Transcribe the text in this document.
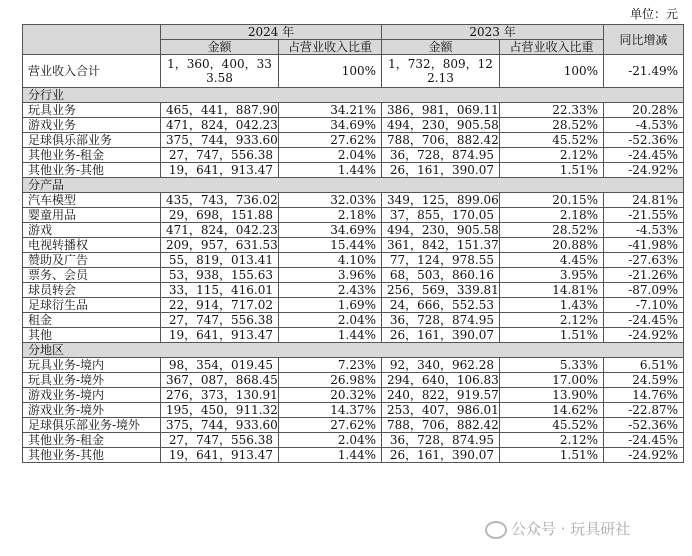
单位：元
	2024 年		2023 年		同比增减
	金额	占营业收入比重	金额	占营业收入比重	
营业收入合计	1，360，400，333.58	100%	1，732，809，122.13	100%	-21.49%
分行业					
玩具业务	465，441，887.90	34.21%	386，981，069.11	22.33%	20.28%
游戏业务	471，824，042.23	34.69%	494，230，905.58	28.52%	-4.53%
足球俱乐部业务	375，744，933.60	27.62%	788，706，882.42	45.52%	-52.36%
其他业务-租金	27，747，556.38	2.04%	36，728，874.95	2.12%	-24.45%
其他业务-其他	19，641，913.47	1.44%	26，161，390.07	1.51%	-24.92%
分产品					
汽车模型	435，743，736.02	32.03%	349，125，899.06	20.15%	24.81%
婴童用品	29，698，151.88	2.18%	37，855，170.05	2.18%	-21.55%
游戏	471，824，042.23	34.69%	494，230，905.58	28.52%	-4.53%
电视转播权	209，957，631.53	15.44%	361，842，151.37	20.88%	-41.98%
赞助及广告	55，819，013.41	4.10%	77，124，978.55	4.45%	-27.63%
票务、会员	53，938，155.63	3.96%	68，503，860.16	3.95%	-21.26%
球员转会	33，115，416.01	2.43%	256，569，339.81	14.81%	-87.09%
足球衍生品	22，914，717.02	1.69%	24，666，552.53	1.43%	-7.10%
租金	27，747，556.38	2.04%	36，728，874.95	2.12%	-24.45%
其他	19，641，913.47	1.44%	26，161，390.07	1.51%	-24.92%
分地区					
玩具业务-境内	98，354，019.45	7.23%	92，340，962.28	5.33%	6.51%
玩具业务-境外	367，087，868.45	26.98%	294，640，106.83	17.00%	24.59%
游戏业务-境内	276，373，130.91	20.32%	240，822，919.57	13.90%	14.76%
游戏业务-境外	195，450，911.32	14.37%	253，407，986.01	14.62%	-22.87%
足球俱乐部业务-境外	375，744，933.60	27.62%	788，706，882.42	45.52%	-52.36%
其他业务-租金	27，747，556.38	2.04%	36，728，874.95	2.12%	-24.45%
其他业务-其他	19，641，913.47	1.44%	26，161，390.07	1.51%	-24.92%
公众号 · 玩具研社
